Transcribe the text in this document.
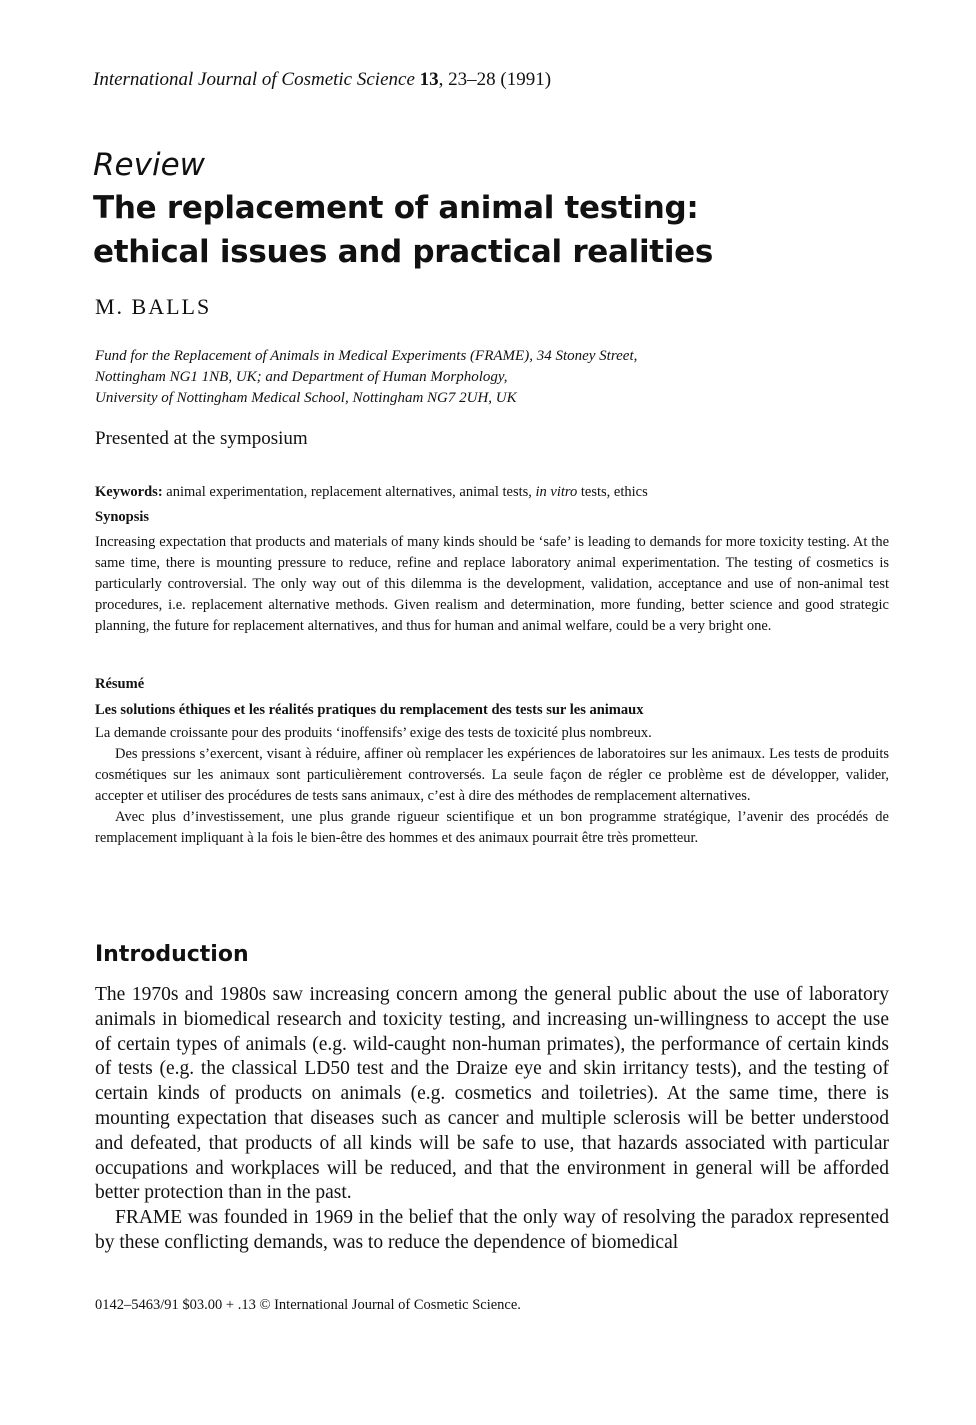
International Journal of Cosmetic Science 13, 23–28 (1991)
Review
The replacement of animal testing:
ethical issues and practical realities
M. BALLS
Fund for the Replacement of Animals in Medical Experiments (FRAME), 34 Stoney Street,
Nottingham NG1 1NB, UK; and Department of Human Morphology,
University of Nottingham Medical School, Nottingham NG7 2UH, UK
Presented at the symposium
Keywords: animal experimentation, replacement alternatives, animal tests, in vitro tests, ethics
Synopsis

Increasing expectation that products and materials of many kinds should be ‘safe’ is leading to demands for more toxicity testing. At the same time, there is mounting pressure to reduce, refine and replace laboratory animal experimentation. The testing of cosmetics is particularly controversial. The only way out of this dilemma is the development, validation, acceptance and use of non-animal test procedures, i.e. replacement alternative methods. Given realism and determination, more funding, better science and good strategic planning, the future for replacement alternatives, and thus for human and animal welfare, could be a very bright one.

Résumé
Les solutions éthiques et les réalités pratiques du remplacement des tests sur les animaux

La demande croissante pour des produits ‘inoffensifs’ exige des tests de toxicité plus nombreux.

Des pressions s’exercent, visant à réduire, affiner où remplacer les expériences de laboratoires sur les animaux. Les tests de produits cosmétiques sur les animaux sont particulièrement controversés. La seule façon de régler ce problème est de développer, valider, accepter et utiliser des procédures de tests sans animaux, c’est à dire des méthodes de remplacement alternatives.

Avec plus d’investissement, une plus grande rigueur scientifique et un bon programme stratégique, l’avenir des procédés de remplacement impliquant à la fois le bien-être des hommes et des animaux pourrait être très prometteur.

Introduction

The 1970s and 1980s saw increasing concern among the general public about the use of laboratory animals in biomedical research and toxicity testing, and increasing un-willingness to accept the use of certain types of animals (e.g. wild-caught non-human primates), the performance of certain kinds of tests (e.g. the classical LD50 test and the Draize eye and skin irritancy tests), and the testing of certain kinds of products on animals (e.g. cosmetics and toiletries). At the same time, there is mounting expectation that diseases such as cancer and multiple sclerosis will be better understood and defeated, that products of all kinds will be safe to use, that hazards associated with particular occupations and workplaces will be reduced, and that the environment in general will be afforded better protection than in the past.

FRAME was founded in 1969 in the belief that the only way of resolving the paradox represented by these conflicting demands, was to reduce the dependence of biomedical

0142–5463/91 $03.00 + .13 © International Journal of Cosmetic Science.
